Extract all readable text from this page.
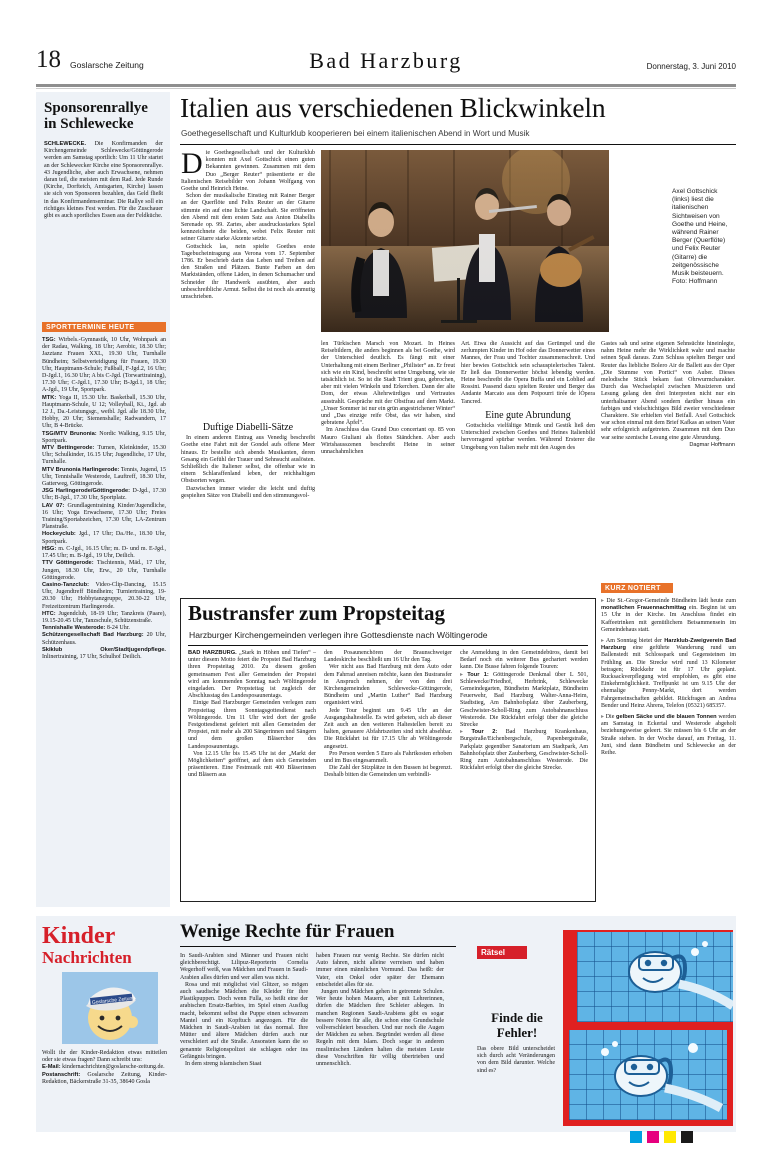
18 Goslarsche Zeitung	Bad Harzburg	Donnerstag, 3. Juni 2010
Sponsorenrallye in Schlewecke

SCHLEWECKE. Die Konfirmanden der Kirchengemeinde Schlewecke/Göttingerode werden am Samstag sportlich: Um 11 Uhr startet an der Schlewecker Kirche eine Sponsorenrallye. 43 Jugendliche, aber auch Erwachsene, nehmen daran teil, die meisten mit dem Rad. Jede Runde (Kirche, Dorfteich, Amtsgarten, Kirche) lassen sie sich von Sponsoren bezahlen, das Geld fließt in das Konfirmandenseminar. Die Rallye soll ein richtiges kleines Fest werden. Für die Zuschauer gibt es auch sportliches Essen aus der Feldküche.

SPORTTERMINE HEUTE

TSG: Wirbels.-Gymnastik, 10 Uhr, Wohnpark an der Radau, Walking, 18 Uhr; Aerobic, 18.30 Uhr; Jazztanz Frauen XXL, 19.30 Uhr, Turnhalle Bündheim; Selbstverteidigung für Frauen, 19.30 Uhr, Hauptmann-Schule; Fußball, F-Jgd.2, 16 Uhr; D-Jgd.1, 16.30 Uhr; A bis C-Jgd. (Torwarttraining), 17.30 Uhr; C-Jgd.1, 17.30 Uhr; B-Jgd.1, 18 Uhr; A-Jgd., 19 Uhr, Sportpark.

MTK: Yoga II, 15.30 Uhr. Basketball, 15.30 Uhr, Hauptmann-Schule, U 12; Volleyball, Ki., Jgd. ab 12 J., Da.-Leistungsgr., weibl. Jgd. alle 18.30 Uhr, Hobby, 20 Uhr; Siemenshalle; Radwandern, 17 Uhr, B 4-Brücke.

TSG/MTV Brunonia: Nordic Walking, 9.15 Uhr, Sportpark.

MTV Bettingerode: Turnen, Kleinkinder, 15.30 Uhr; Schulkinder, 16.15 Uhr; Jugendliche, 17 Uhr, Turnhalle.

MTV Brunonia Harlingerode: Tennis, Jugend, 15 Uhr, Tennishalle Westerode, Lauftreff, 18.30 Uhr, Gatterweg, Göttingerode.

JSG Harlingerode/Göttingerode: D-Jgd., 17.30 Uhr; B-Jgd., 17.30 Uhr, Sportplatz.

LAV 07: Grundlagentraining Kinder/Jugendliche, 16 Uhr; Yoga Erwachsene, 17.30 Uhr; Freies Training/Sportabzeichen, 17.30 Uhr, LA-Zentrum Planstraße.

Hockeyclub: Jgd., 17 Uhr; Da./He., 18.30 Uhr, Sportpark.

HSG: m. C-Jgd., 16.15 Uhr; m. D- und m. E-Jgd., 17.45 Uhr; m. B-Jgd., 19 Uhr, Deilich.

TTV Göttingerode: Tischtennis, Mäd., 17 Uhr, Jungen, 18.30 Uhr, Erw., 20 Uhr, Turnhalle Göttingerode.

Casino-Tanzclub: Video-Clip-Dancing, 15.15 Uhr, Jugendtreff Bündheim; Turniertraining, 19-20.30 Uhr; Hobbytanzgruppe, 20.30-22 Uhr, Freizeitzentrum Harlingerode.

HTC: Jugendclub, 18-19 Uhr; Tanzkreis (Paare), 19.15-20.45 Uhr, Tanzschule, Schützenstraße.

Tennishalle Westerode: 8-24 Uhr.

Schützengesellschaft Bad Harzburg: 20 Uhr, Schützenhaus.

Skiklub Oker/Stadtjugendpflege. Inlinertraining, 17 Uhr, Schulhof Deilich.

Italien aus verschiedenen Blickwinkeln
Goethegesellschaft und Kulturklub kooperieren bei einem italienischen Abend in Wort und Musik
Axel Gottschick (links) liest die italienischen Sichtweisen von Goethe und Heine, während Rainer Berger (Querflöte) und Felix Reuter (Gitarre) die zeitgenössische Musik beisteuern. Foto: Hoffmann

Die Goethegesellschaft und der Kulturklub konnten mit Axel Gottschick einen guten Bekannten gewinnen. Zusammen mit dem Duo „Berger Reuter“ präsentierte er die Italienischen Reisebilder von Johann Wolfgang von Goethe und Heinrich Heine.

Schon der musikalische Einstieg mit Rainer Berger an der Querflöte und Felix Reuter an der Gitarre stimmte ein auf eine lichte Landschaft. Sie eröffneten den Abend mit dem ersten Satz aus Anton Diabellis Serenade op. 99. Zartes, aber ausdrucksstarkes Spiel kennzeichnete die beiden, wobei Felix Reuter mit seiner Gitarre starke Akzente setzte.

Gottschick las, nein spielte Goethes erste Tagebucheintragung aus Verona vom 17. September 1786. Er beschrieb darin das Leben und Treiben auf den Straßen und Plätzen. Bunte Farben an den Marktständen, offene Läden, in denen Schumacher und Schneider ihr Handwerk ausübten, aber auch unbeschreibliche Armut. Selbst die ist noch als anmutig umschrieben.

Duftige Diabelli-Sätze

In einem anderen Eintrag aus Venedig beschreibt Goethe eine Fahrt mit der Gondel aufs offene Meer hinaus. Er bestellte sich abends Musikanten, deren Gesang ein Gefühl der Trauer und Sehnsucht auslösten. Schließlich die Italiener selbst, die offenbar wie in einem Schlaraffenland leben, der reichhaltigen Obstsorten wegen.

Dazwischen immer wieder die leicht und duftig gespielten Sätze von Diabelli und den stimmungsvol-

len Türkischen Marsch von Mozart. In Heines Reisebildern, die anders beginnen als bei Goethe, wird der Unterschied deutlich. Es fängt mit einer Unterhaltung mit einem Berliner „Philister“ an. Er freut sich wie ein Kind, beschreibt seine Umgebung, wie sie tatsächlich ist. So ist die Stadt Trient grau, gebrochen, aber mit vielen Winkeln und Erkerchen. Dann der alte Dom, der etwas Altehrwürdiges und Vertrautes ausstrahlt. Gespräche mit der Obstfrau auf dem Markt. „Unser Sommer ist nur ein grün angestrichener Winter“ und „Das einzige reife Obst, das wir haben, sind gebratene Äpfel“.

Im Anschluss das Grand Duo concertant op. 85 von Mauro Giuliani als flottes Ständchen. Aber auch Wirtshausszenen beschreibt Heine in seiner unnachahmlichen

Art. Etwa die Aussicht auf das Gerümpel und die zerlumpten Kinder im Hof oder das Donnerwetter eines Mannes, der Frau und Tochter zusammenschreit. Und hier bewies Gottschick sein schauspielerisches Talent. Er ließ das Donnerwetter höchst lebendig werden. Heine beschreibt die Opera Buffa und ein Loblied auf Rossini. Passend dazu spielten Reuter und Berger das Andante Marcato aus dem Potpourri tirée de lÓpera Tancred.

Eine gute Abrundung

Gottschicks vielfältige Mimik und Gestik ließ den Unterschied zwischen Goethes und Heines Italienbild hervorragend spürbar werden. Während Ersterer die Umgebung von Italien mehr mit den Augen des

Gastes sah und seine eigenen Sehnsüchte hineinlegte, nahm Heine mehr die Wirklichkeit wahr und machte seinen Spaß daraus. Zum Schluss spielten Berger und Reuter das liebliche Bolero Air de Ballett aus der Oper „Die Stumme von Portici“ von Auber. Dieses melodische Stück bekam fast Ohrwurmcharakter. Durch das Wechselspiel zwischen Musizieren und Lesung gelang den drei Interpreten nicht nur ein unterhaltsamer Abend sondern darüber hinaus ein farbiges und vielschichtiges Bild zweier verschiedener Charaktere. Sie erhielten viel Beifall. Axel Gottschick war schon einmal mit dem Brief Kafkas an seinen Vater sehr erfolgreich aufgetreten. Zusammen mit dem Duo war seine szenische Lesung eine gute Abrundung.

Dagmar Hoffmann

Bustransfer zum Propsteitag
Harzburger Kirchengemeinden verlegen ihre Gottesdienste nach Wöltingerode

BAD HARZBURG. „Stark in Höhen und Tiefen“ – unter diesem Motto feiert die Propstei Bad Harzburg ihren Propsteitag 2010. Zu diesem großen gemeinsamen Fest aller Gemeinden der Propstei wird am kommenden Sonntag nach Wöltingerode eingeladen. Der Propsteitag ist zugleich der Abschlusstag des Landesposaunentags.

Einige Bad Harzburger Gemeinden verlegen zum Propsteitag ihren Sonntagsgottesdienst nach Wöltingerode. Um 11 Uhr wird dort der große Festgottesdienst gefeiert mit allen Gemeinden der Propstei, mit mehr als 200 Sängerinnen und Sängern und dem großen Bläserchor des Landesposaunentags.

Von 12.15 Uhr bis 15.45 Uhr ist der „Markt der Möglichkeiten“ geöffnet, auf dem sich Gemeinden präsentieren. Eine Festmusik mit 400 Bläserinnen und Bläsern aus

den Posaunenchören der Braunschweiger Landeskirche beschließt um 16 Uhr den Tag.

Wer nicht aus Bad Harzburg mit dem Auto oder dem Fahrrad anreisen möchte, kann den Bustransfer in Anspruch nehmen, der von den drei Kirchengemeinden Schlewecke-Göttingerode, Bündheim und „Martin Luther“ Bad Harzburg organisiert wird.

Jede Tour beginnt um 9.45 Uhr an der Ausgangshaltestelle. Es wird gebeten, sich ab dieser Zeit auch an den weiteren Haltestellen bereit zu halten, genauere Abfahrtszeiten sind nicht absehbar. Die Rückfahrt ist für 17.15 Uhr ab Wöltingerode angesetzt.

Pro Person werden 5 Euro als Fahrtkosten erhoben und im Bus eingesammelt.

Die Zahl der Sitzplätze in den Bussen ist begrenzt. Deshalb bitten die Gemeinden um verbindli-

che Anmeldung in den Gemeindebüros, damit bei Bedarf noch ein weiterer Bus gechartert werden kann. Die Busse fahren folgende Touren:

▸ Tour 1: Göttingerode Denkmal über L 501, Schlewecke/Friedhof, Herbrink, Schlewecke Gemeindegarten, Bündheim Marktplatz, Bündheim Feuerwehr, Bad Harzburg Walter-Anna-Heim, Stadtstieg, Am Bahnhofsplatz über Zauberberg, Geschwister-Scholl-Ring zum Autobahnanschluss Westerode. Die Rückfahrt erfolgt über die gleiche Strecke

▸ Tour 2: Bad Harzburg Krankenhaus, Burgstraße/Eichenbergschule, Papenbergstraße, Parkplatz gegenüber Sanatorium am Stadtpark, Am Bahnhofsplatz über Zauberberg, Geschwister-Scholl-Ring zum Autobahnanschluss Westerode. Die Rückfahrt erfolgt über die gleiche Strecke.

KURZ NOTIERT

▸ Die St.-Gregor-Gemeinde Bündheim lädt heute zum monatlichen Frauennachmittag ein. Beginn ist um 15 Uhr in der Kirche. Im Anschluss findet ein Kaffeetrinken mit gemütlichem Beisammensein im Gemeindehaus statt.

▸ Am Sonntag bietet der Harzklub-Zweigverein Bad Harzburg eine geführte Wanderung rund um Ballenstedt mit Schlosspark und Gegensteinen im Frühling an. Die Strecke wird rund 13 Kilometer betragen; Rückkehr ist für 17 Uhr geplant. Rucksackverpflegung wird empfohlen, es gibt eine Einkehrmöglichkeit. Treffpunkt ist um 9.15 Uhr der ehemalige Penny-Markt, dort werden Fahrgemeinschaften gebildet. Rückfragen an Andrea Bender und Heinz Ahrens, Telefon (05321) 685357.

▸ Die gelben Säcke und die blauen Tonnen werden am Samstag in Eckertal und Westerode abgeholt beziehungsweise geleert. Sie müssen bis 6 Uhr an der Straße stehen. In der Woche darauf, am Freitag, 11. Juni, sind dann Bündheim und Schlewecke an der Reihe.

Kinder
Nachrichten
Goslarsche Zeitung

Wollt ihr der Kinder-Redaktion etwas mitteilen oder sie etwas fragen? Dann schreibt uns:

E-Mail: kindernachrichten@goslarsche-zeitung.de.

Postanschrift: Goslarsche Zeitung, Kinder-Redaktion, Bäckerstraße 31-35, 38640 Gosla

Wenige Rechte für Frauen

In Saudi-Arabien sind Männer und Frauen nicht gleichberechtigt. Lilipuz-Reporterin Cornelia Wegerhoff weiß, was Mädchen und Frauen in Saudi-Arabien alles dürfen und wer allen was nicht.

Rosa und mit möglichst viel Glitzer, so mögen auch saudische Mädchen die Kleider für ihre Plastikpuppen. Doch wenn Fulla, so heißt eine der arabischen Ersatz-Barbies, im Spiel einen Ausflug macht, bekommt selbst die Puppe einen schwarzen Mantel und ein Kopftuch angezogen. Für die Mädchen in Saudi-Arabien ist das normal. Ihre Mütter und ältere Mädchen dürfen auch nur verschleiert auf die Straße. Ansonsten kann die so genannte Religionspolizei sie schlagen oder ins Gefängnis bringen.

In dem streng islamischen Staat

haben Frauen nur wenig Rechte. Sie dürfen nicht Auto fahren, nicht alleine verreisen und haben immer einen männlichen Vormund. Das heißt: der Vater, ein Onkel oder später der Ehemann entscheidet alles für sie.

Jungen und Mädchen gehen in getrennte Schulen. Wer heute hohen Mauern, aber mit Lehrerinnen, dürfen die Mädchen ihre Schleier ablegen. In manchen Regionen Saudi-Arabiens gibt es sogar bessere Noten für alle, die schon eine Grundschule vollverschleiert besuchen. Und nur noch die Augen der Mädchen zu sehen. Begründet werden all diese Regeln mit dem Islam. Doch sogar in anderen muslimischen Ländern halten die meisten Leute diese Vorschriften für völlig übertrieben und unmenschlich.

Rätsel
Finde die Fehler!

Das obere Bild unterscheidet sich durch acht Veränderungen von dem Bild darunter. Welche sind es?
